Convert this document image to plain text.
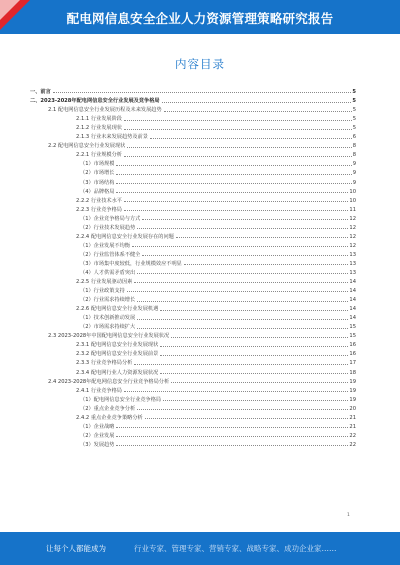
配电网信息安全企业人力资源管理策略研究报告
内容目录
一、前言	5
二、2023-2028年配电网信息安全行业发展及竞争格局	5
2.1 配电网信息安全行业发展历程及未来发展趋势	5
2.1.1 行业发展阶段	5
2.1.2 行业发展现状	5
2.1.3 行业未来发展趋势及前景	6
2.2 配电网信息安全行业发展现状	8
2.2.1 行业规模分析	8
（1）市场规模	9
（2）市场增长	9
（3）市场结构	9
（4）品牌格局	10
2.2.2 行业技术水平	10
2.2.3 行业竞争格局	11
（1）企业竞争格局与方式	12
（2）行业技术发展趋势	12
2.2.4 配电网信息安全行业发展存在的问题	12
（1）企业发展不均衡	12
（2）行业监管体系不健全	13
（3）市场集中度较低，行业规模效应不明显	13
（4）人才供需矛盾突出	13
2.2.5 行业发展驱动因素	14
（1）行业政策支持	14
（2）行业需求持续增长	14
2.2.6 配电网信息安全行业发展机遇	14
（1）技术创新推动发展	14
（2）市场需求持续扩大	15
2.3 2023-2028年中国配电网信息安全行业发展状况	15
2.3.1 配电网信息安全行业发展现状	16
2.3.2 配电网信息安全行业发展前景	16
2.3.3 行业竞争格局分析	17
2.3.4 配电网行业人力资源发展状况	18
2.4 2023-2028年配电网信息安全行业竞争格局分析	19
2.4.1 行业竞争格局	19
（1）配电网信息安全行业竞争格局	19
（2）重点企业竞争分析	20
2.4.2 重点企业竞争策略分析	21
（1）企业战略	21
（2）企业发展	22
（3）发展趋势	22
1
让每个人都能成为	行业专家、管理专家、营销专家、战略专家、成功企业家……
